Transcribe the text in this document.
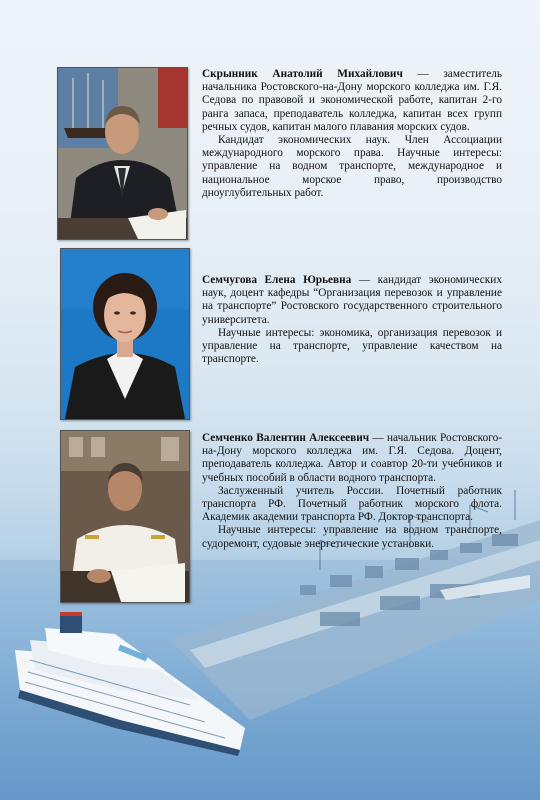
Скрынник Анатолий Михайлович — заместитель начальника Ростовского-на-Дону морского колледжа им. Г.Я. Седова по правовой и экономической работе, капитан 2-го ранга запаса, преподаватель колледжа, капитан всех групп речных судов, капитан малого плавания морских судов.

Кандидат экономических наук. Член Ассоциации международного морского права. Научные интересы: управление на водном транспорте, международное и национальное морское право, производство дноуглубительных работ.

Семчугова Елена Юрьевна — кандидат экономических наук, доцент кафедры “Организация перевозок и управление на транспорте” Ростовского государственного строительного университета.

Научные интересы: экономика, организация перевозок и управление на транспорте, управление качеством на транспорте.

Семченко Валентин Алексеевич — начальник Ростовского-на-Дону морского колледжа им. Г.Я. Седова. Доцент, преподаватель колледжа. Автор и соавтор 20-ти учебников и учебных пособий в области водного транспорта.

Заслуженный учитель России. Почетный работник транспорта РФ. Почетный работник морского флота. Академик академии транспорта РФ. Доктор транспорта.

Научные интересы: управление на водном транспорте, судоремонт, судовые энергетические установки.
